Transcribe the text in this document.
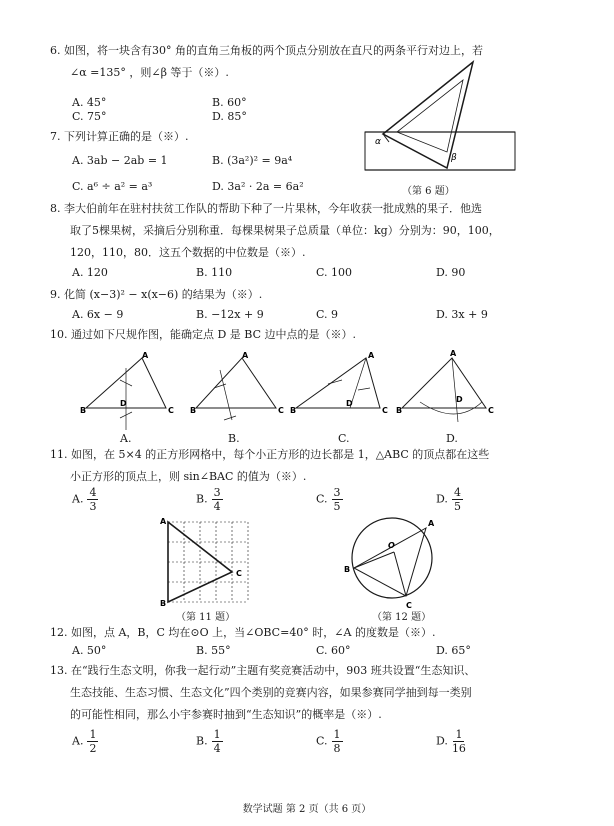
6. 如图，将一块含有30° 角的直角三角板的两个顶点分别放在直尺的两条平行对边上，若
∠α =135° ，则∠β 等于（※）.
A. 45°	B. 60°
C. 75°	D. 85°
α
β
（第 6 题）
7. 下列计算正确的是（※）.
A. 3ab − 2ab = 1	B. (3a²)² = 9a⁴
C. a⁶ ÷ a² = a³	D. 3a² · 2a = 6a²
8. 李大伯前年在驻村扶贫工作队的帮助下种了一片果林，今年收获一批成熟的果子．他选
取了5棵果树，采摘后分别称重．每棵果树果子总质量（单位：kg）分别为：90，100，
120，110，80．这五个数据的中位数是（※）.
A. 120	B. 110	C. 100	D. 90
9. 化简 (x−3)² − x(x−6) 的结果为（※）.
A. 6x − 9	B. −12x + 9	C. 9	D. 3x + 9
10. 通过如下尺规作图，能确定点 D 是 BC 边中点的是（※）.
B	C
A
D
B	C
A
B	C
A
D
B	C
A
D
A.	B.	C.	D.
11. 如图，在 5×4 的正方形网格中，每个小正方形的边长都是 1，△ABC 的顶点都在这些
小正方形的顶点上，则 sin∠BAC 的值为（※）.
A. $\frac{4}{3}$	B. $\frac{3}{4}$	C. $\frac{3}{5}$	D. $\frac{4}{5}$
A
B
C
（第 11 题）
A
B
C
O
（第 12 题）
12. 如图，点 A，B，C 均在⊙O 上，当∠OBC=40° 时，∠A 的度数是（※）.
A. 50°	B. 55°	C. 60°	D. 65°
13. 在“践行生态文明，你我一起行动”主题有奖竞赛活动中，903 班共设置“生态知识、
生态技能、生态习惯、生态文化”四个类别的竞赛内容，如果参赛同学抽到每一类别
的可能性相同，那么小宇参赛时抽到“生态知识”的概率是（※）.
A. $\frac{1}{2}$	B. $\frac{1}{4}$	C. $\frac{1}{8}$	D. $\frac{1}{16}$
数学试题 第 2 页（共 6 页）
